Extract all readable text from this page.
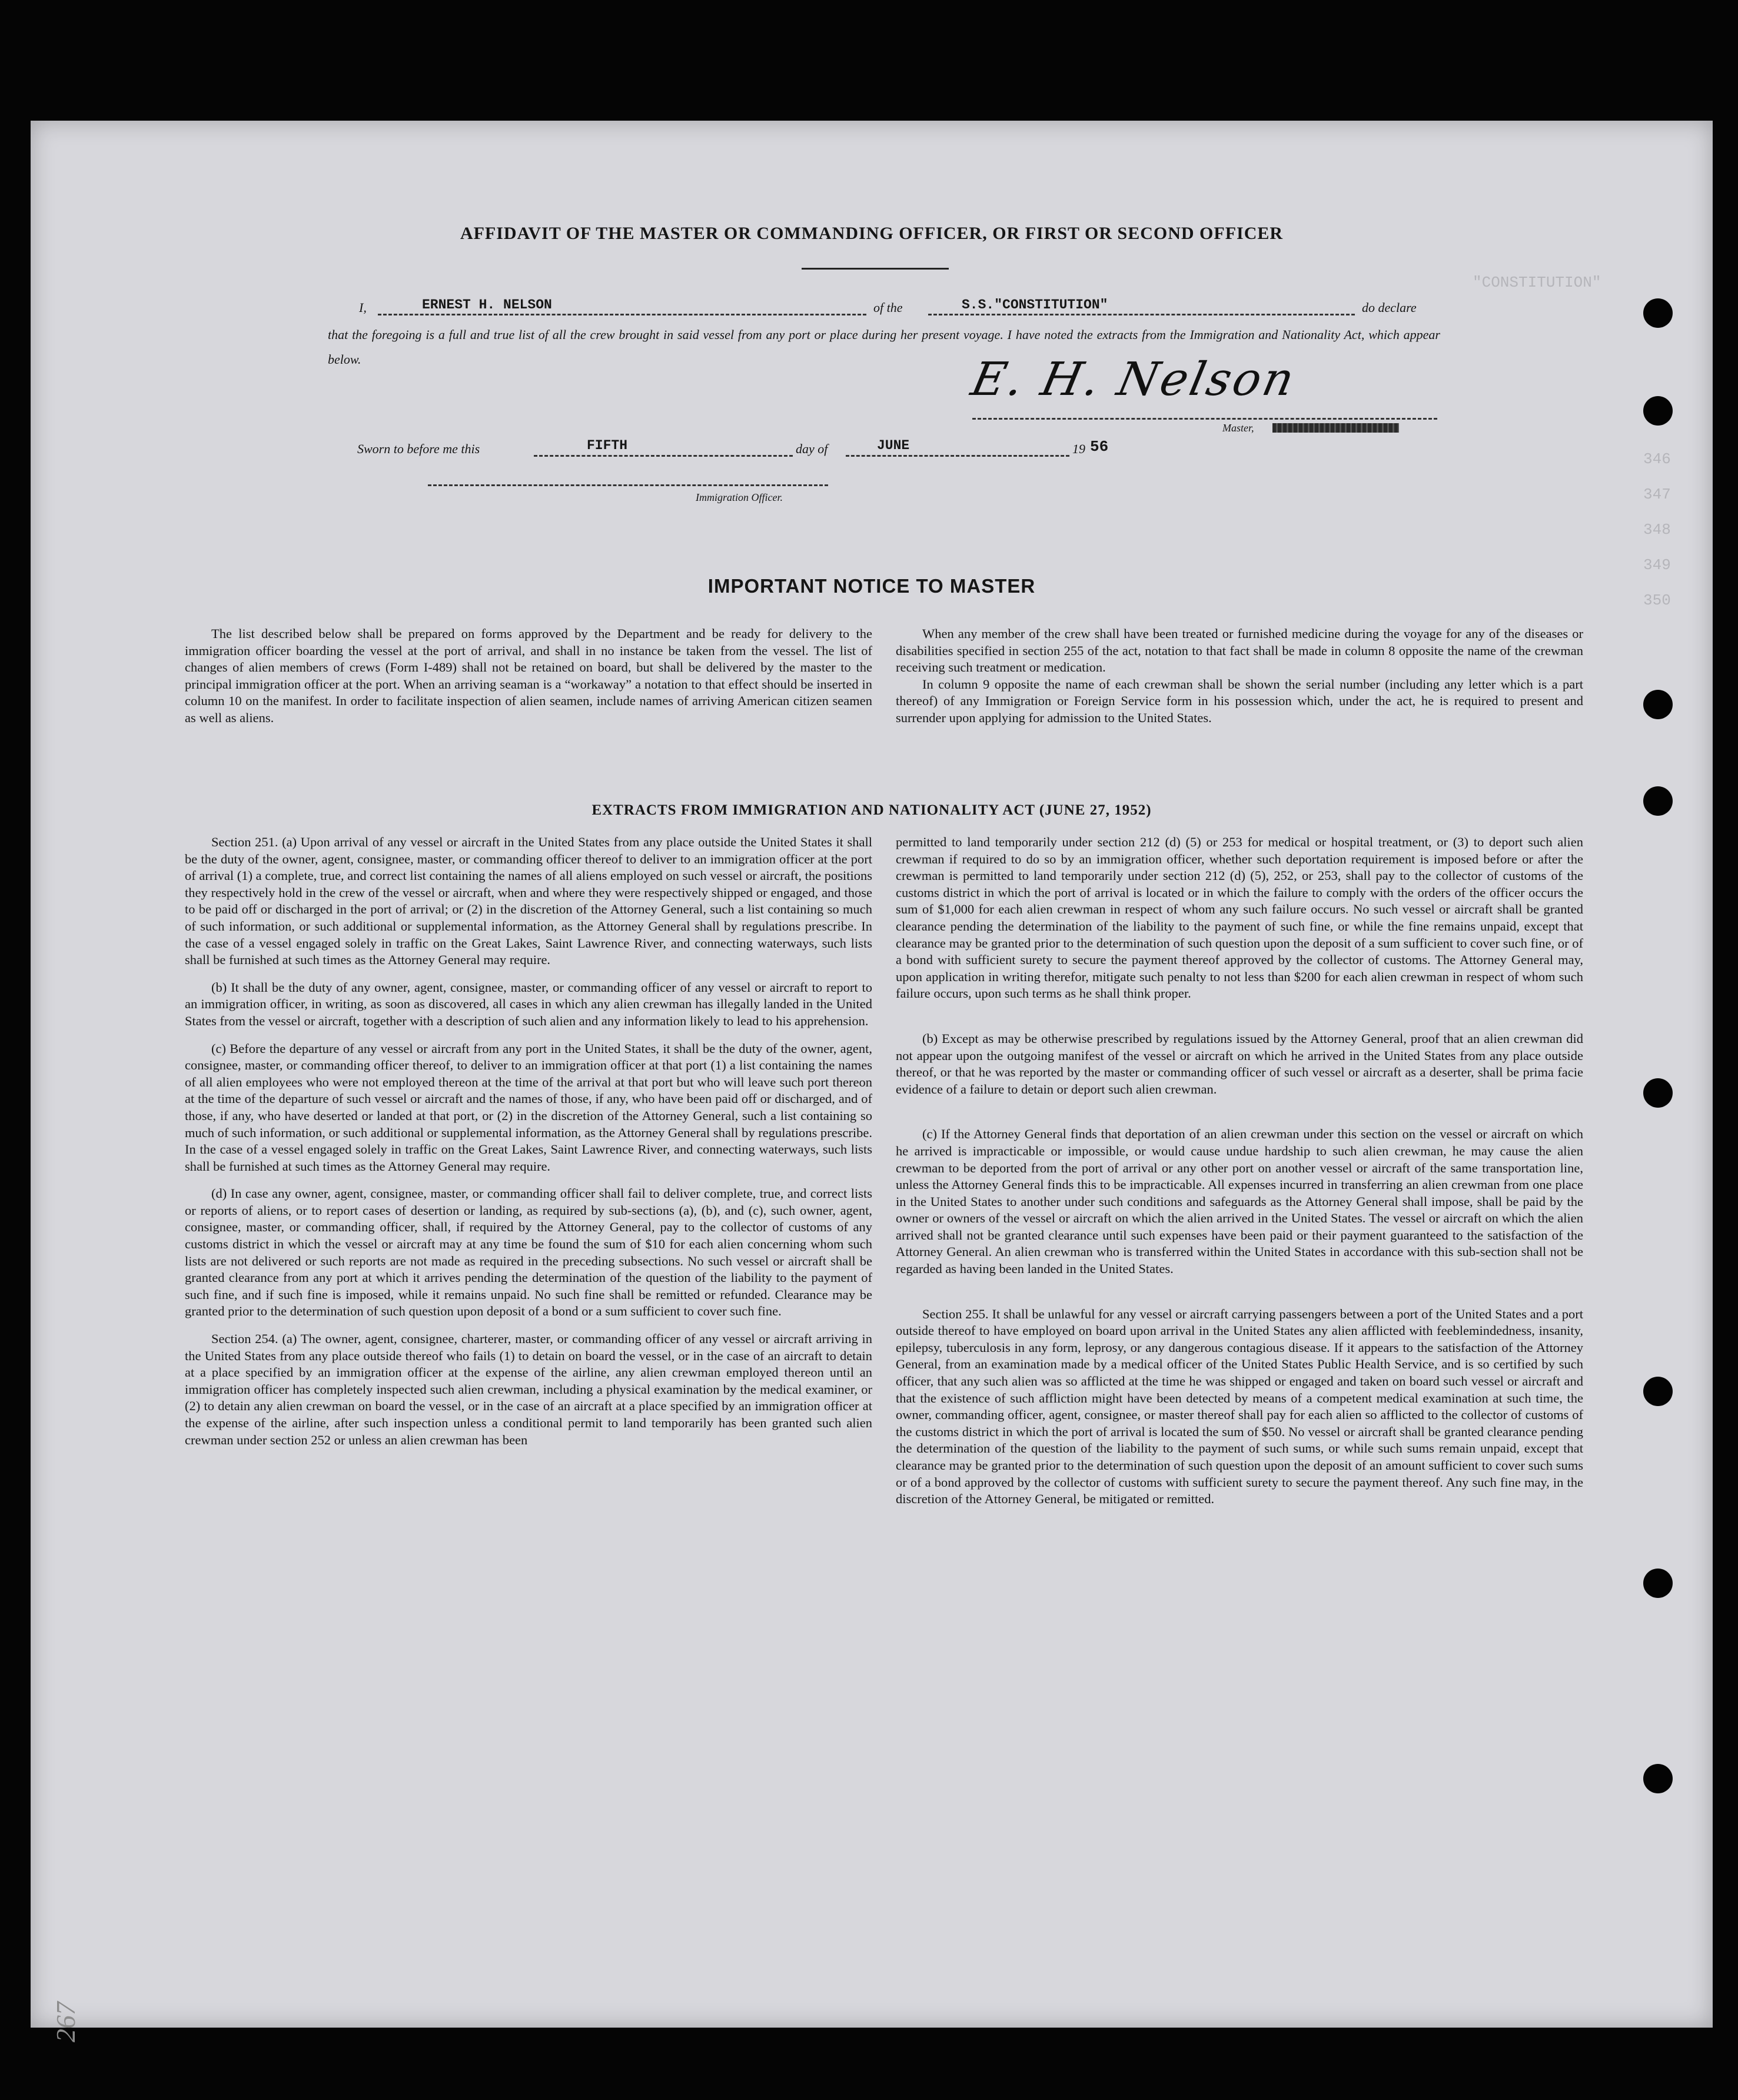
"CONSTITUTION"
346
347
348
349
350
AFFIDAVIT OF THE MASTER OR COMMANDING OFFICER, OR FIRST OR SECOND OFFICER
I,	ERNEST H. NELSON	of the	S.S."CONSTITUTION"	do declare
that the foregoing is a full and true list of all the crew brought in said vessel from any port or place during her present voyage. I have noted the extracts from the Immigration and Nationality Act, which appear below.	E. H. Nelson
Master,
Sworn to before me this	FIFTH	day of	JUNE	19 56
Immigration Officer.
IMPORTANT NOTICE TO MASTER

The list described below shall be prepared on forms approved by the Department and be ready for delivery to the immigration officer boarding the vessel at the port of arrival, and shall in no instance be taken from the vessel. The list of changes of alien members of crews (Form I-489) shall not be retained on board, but shall be delivered by the master to the principal immigration officer at the port. When an arriving seaman is a “workaway” a notation to that effect should be inserted in column 10 on the manifest. In order to facilitate inspection of alien seamen, include names of arriving American citizen seamen as well as aliens.

When any member of the crew shall have been treated or furnished medicine during the voyage for any of the diseases or disabilities specified in section 255 of the act, notation to that fact shall be made in column 8 opposite the name of the crewman receiving such treatment or medication.

In column 9 opposite the name of each crewman shall be shown the serial number (including any letter which is a part thereof) of any Immigration or Foreign Service form in his possession which, under the act, he is required to present and surrender upon applying for admission to the United States.

EXTRACTS FROM IMMIGRATION AND NATIONALITY ACT (JUNE 27, 1952)

Section 251. (a) Upon arrival of any vessel or aircraft in the United States from any place outside the United States it shall be the duty of the owner, agent, consignee, master, or commanding officer thereof to deliver to an immigration officer at the port of arrival (1) a complete, true, and correct list containing the names of all aliens employed on such vessel or aircraft, the positions they respectively hold in the crew of the vessel or aircraft, when and where they were respectively shipped or engaged, and those to be paid off or discharged in the port of arrival; or (2) in the discretion of the Attorney General, such a list containing so much of such information, or such additional or supplemental information, as the Attorney General shall by regulations prescribe. In the case of a vessel engaged solely in traffic on the Great Lakes, Saint Lawrence River, and connecting waterways, such lists shall be furnished at such times as the Attorney General may require.

(b) It shall be the duty of any owner, agent, consignee, master, or commanding officer of any vessel or aircraft to report to an immigration officer, in writing, as soon as discovered, all cases in which any alien crewman has illegally landed in the United States from the vessel or aircraft, together with a description of such alien and any information likely to lead to his apprehension.

(c) Before the departure of any vessel or aircraft from any port in the United States, it shall be the duty of the owner, agent, consignee, master, or commanding officer thereof, to deliver to an immigration officer at that port (1) a list containing the names of all alien employees who were not employed thereon at the time of the arrival at that port but who will leave such port thereon at the time of the departure of such vessel or aircraft and the names of those, if any, who have been paid off or discharged, and of those, if any, who have deserted or landed at that port, or (2) in the discretion of the Attorney General, such a list containing so much of such information, or such additional or supplemental information, as the Attorney General shall by regulations prescribe. In the case of a vessel engaged solely in traffic on the Great Lakes, Saint Lawrence River, and connecting waterways, such lists shall be furnished at such times as the Attorney General may require.

(d) In case any owner, agent, consignee, master, or commanding officer shall fail to deliver complete, true, and correct lists or reports of aliens, or to report cases of desertion or landing, as required by sub-sections (a), (b), and (c), such owner, agent, consignee, master, or commanding officer, shall, if required by the Attorney General, pay to the collector of customs of any customs district in which the vessel or aircraft may at any time be found the sum of $10 for each alien concerning whom such lists are not delivered or such reports are not made as required in the preceding subsections. No such vessel or aircraft shall be granted clearance from any port at which it arrives pending the determination of the question of the liability to the payment of such fine, and if such fine is imposed, while it remains unpaid. No such fine shall be remitted or refunded. Clearance may be granted prior to the determination of such question upon deposit of a bond or a sum sufficient to cover such fine.

Section 254. (a) The owner, agent, consignee, charterer, master, or commanding officer of any vessel or aircraft arriving in the United States from any place outside thereof who fails (1) to detain on board the vessel, or in the case of an aircraft to detain at a place specified by an immigration officer at the expense of the airline, any alien crewman employed thereon until an immigration officer has completely inspected such alien crewman, including a physical examination by the medical examiner, or (2) to detain any alien crewman on board the vessel, or in the case of an aircraft at a place specified by an immigration officer at the expense of the airline, after such inspection unless a conditional permit to land temporarily has been granted such alien crewman under section 252 or unless an alien crewman has been

permitted to land temporarily under section 212 (d) (5) or 253 for medical or hospital treatment, or (3) to deport such alien crewman if required to do so by an immigration officer, whether such deportation requirement is imposed before or after the crewman is permitted to land temporarily under section 212 (d) (5), 252, or 253, shall pay to the collector of customs of the customs district in which the port of arrival is located or in which the failure to comply with the orders of the officer occurs the sum of $1,000 for each alien crewman in respect of whom any such failure occurs. No such vessel or aircraft shall be granted clearance pending the determination of the liability to the payment of such fine, or while the fine remains unpaid, except that clearance may be granted prior to the determination of such question upon the deposit of a sum sufficient to cover such fine, or of a bond with sufficient surety to secure the payment thereof approved by the collector of customs. The Attorney General may, upon application in writing therefor, mitigate such penalty to not less than $200 for each alien crewman in respect of whom such failure occurs, upon such terms as he shall think proper.

(b) Except as may be otherwise prescribed by regulations issued by the Attorney General, proof that an alien crewman did not appear upon the outgoing manifest of the vessel or aircraft on which he arrived in the United States from any place outside thereof, or that he was reported by the master or commanding officer of such vessel or aircraft as a deserter, shall be prima facie evidence of a failure to detain or deport such alien crewman.

(c) If the Attorney General finds that deportation of an alien crewman under this section on the vessel or aircraft on which he arrived is impracticable or impossible, or would cause undue hardship to such alien crewman, he may cause the alien crewman to be deported from the port of arrival or any other port on another vessel or aircraft of the same transportation line, unless the Attorney General finds this to be impracticable. All expenses incurred in transferring an alien crewman from one place in the United States to another under such conditions and safeguards as the Attorney General shall impose, shall be paid by the owner or owners of the vessel or aircraft on which the alien arrived in the United States. The vessel or aircraft on which the alien arrived shall not be granted clearance until such expenses have been paid or their payment guaranteed to the satisfaction of the Attorney General. An alien crewman who is transferred within the United States in accordance with this sub-section shall not be regarded as having been landed in the United States.

Section 255. It shall be unlawful for any vessel or aircraft carrying passengers between a port of the United States and a port outside thereof to have employed on board upon arrival in the United States any alien afflicted with feeblemindedness, insanity, epilepsy, tuberculosis in any form, leprosy, or any dangerous contagious disease. If it appears to the satisfaction of the Attorney General, from an examination made by a medical officer of the United States Public Health Service, and is so certified by such officer, that any such alien was so afflicted at the time he was shipped or engaged and taken on board such vessel or aircraft and that the existence of such affliction might have been detected by means of a competent medical examination at such time, the owner, commanding officer, agent, consignee, or master thereof shall pay for each alien so afflicted to the collector of customs of the customs district in which the port of arrival is located the sum of $50. No vessel or aircraft shall be granted clearance pending the determination of the question of the liability to the payment of such sums, or while such sums remain unpaid, except that clearance may be granted prior to the determination of such question upon the deposit of an amount sufficient to cover such sums or of a bond approved by the collector of customs with sufficient surety to secure the payment thereof. Any such fine may, in the discretion of the Attorney General, be mitigated or remitted.

267
